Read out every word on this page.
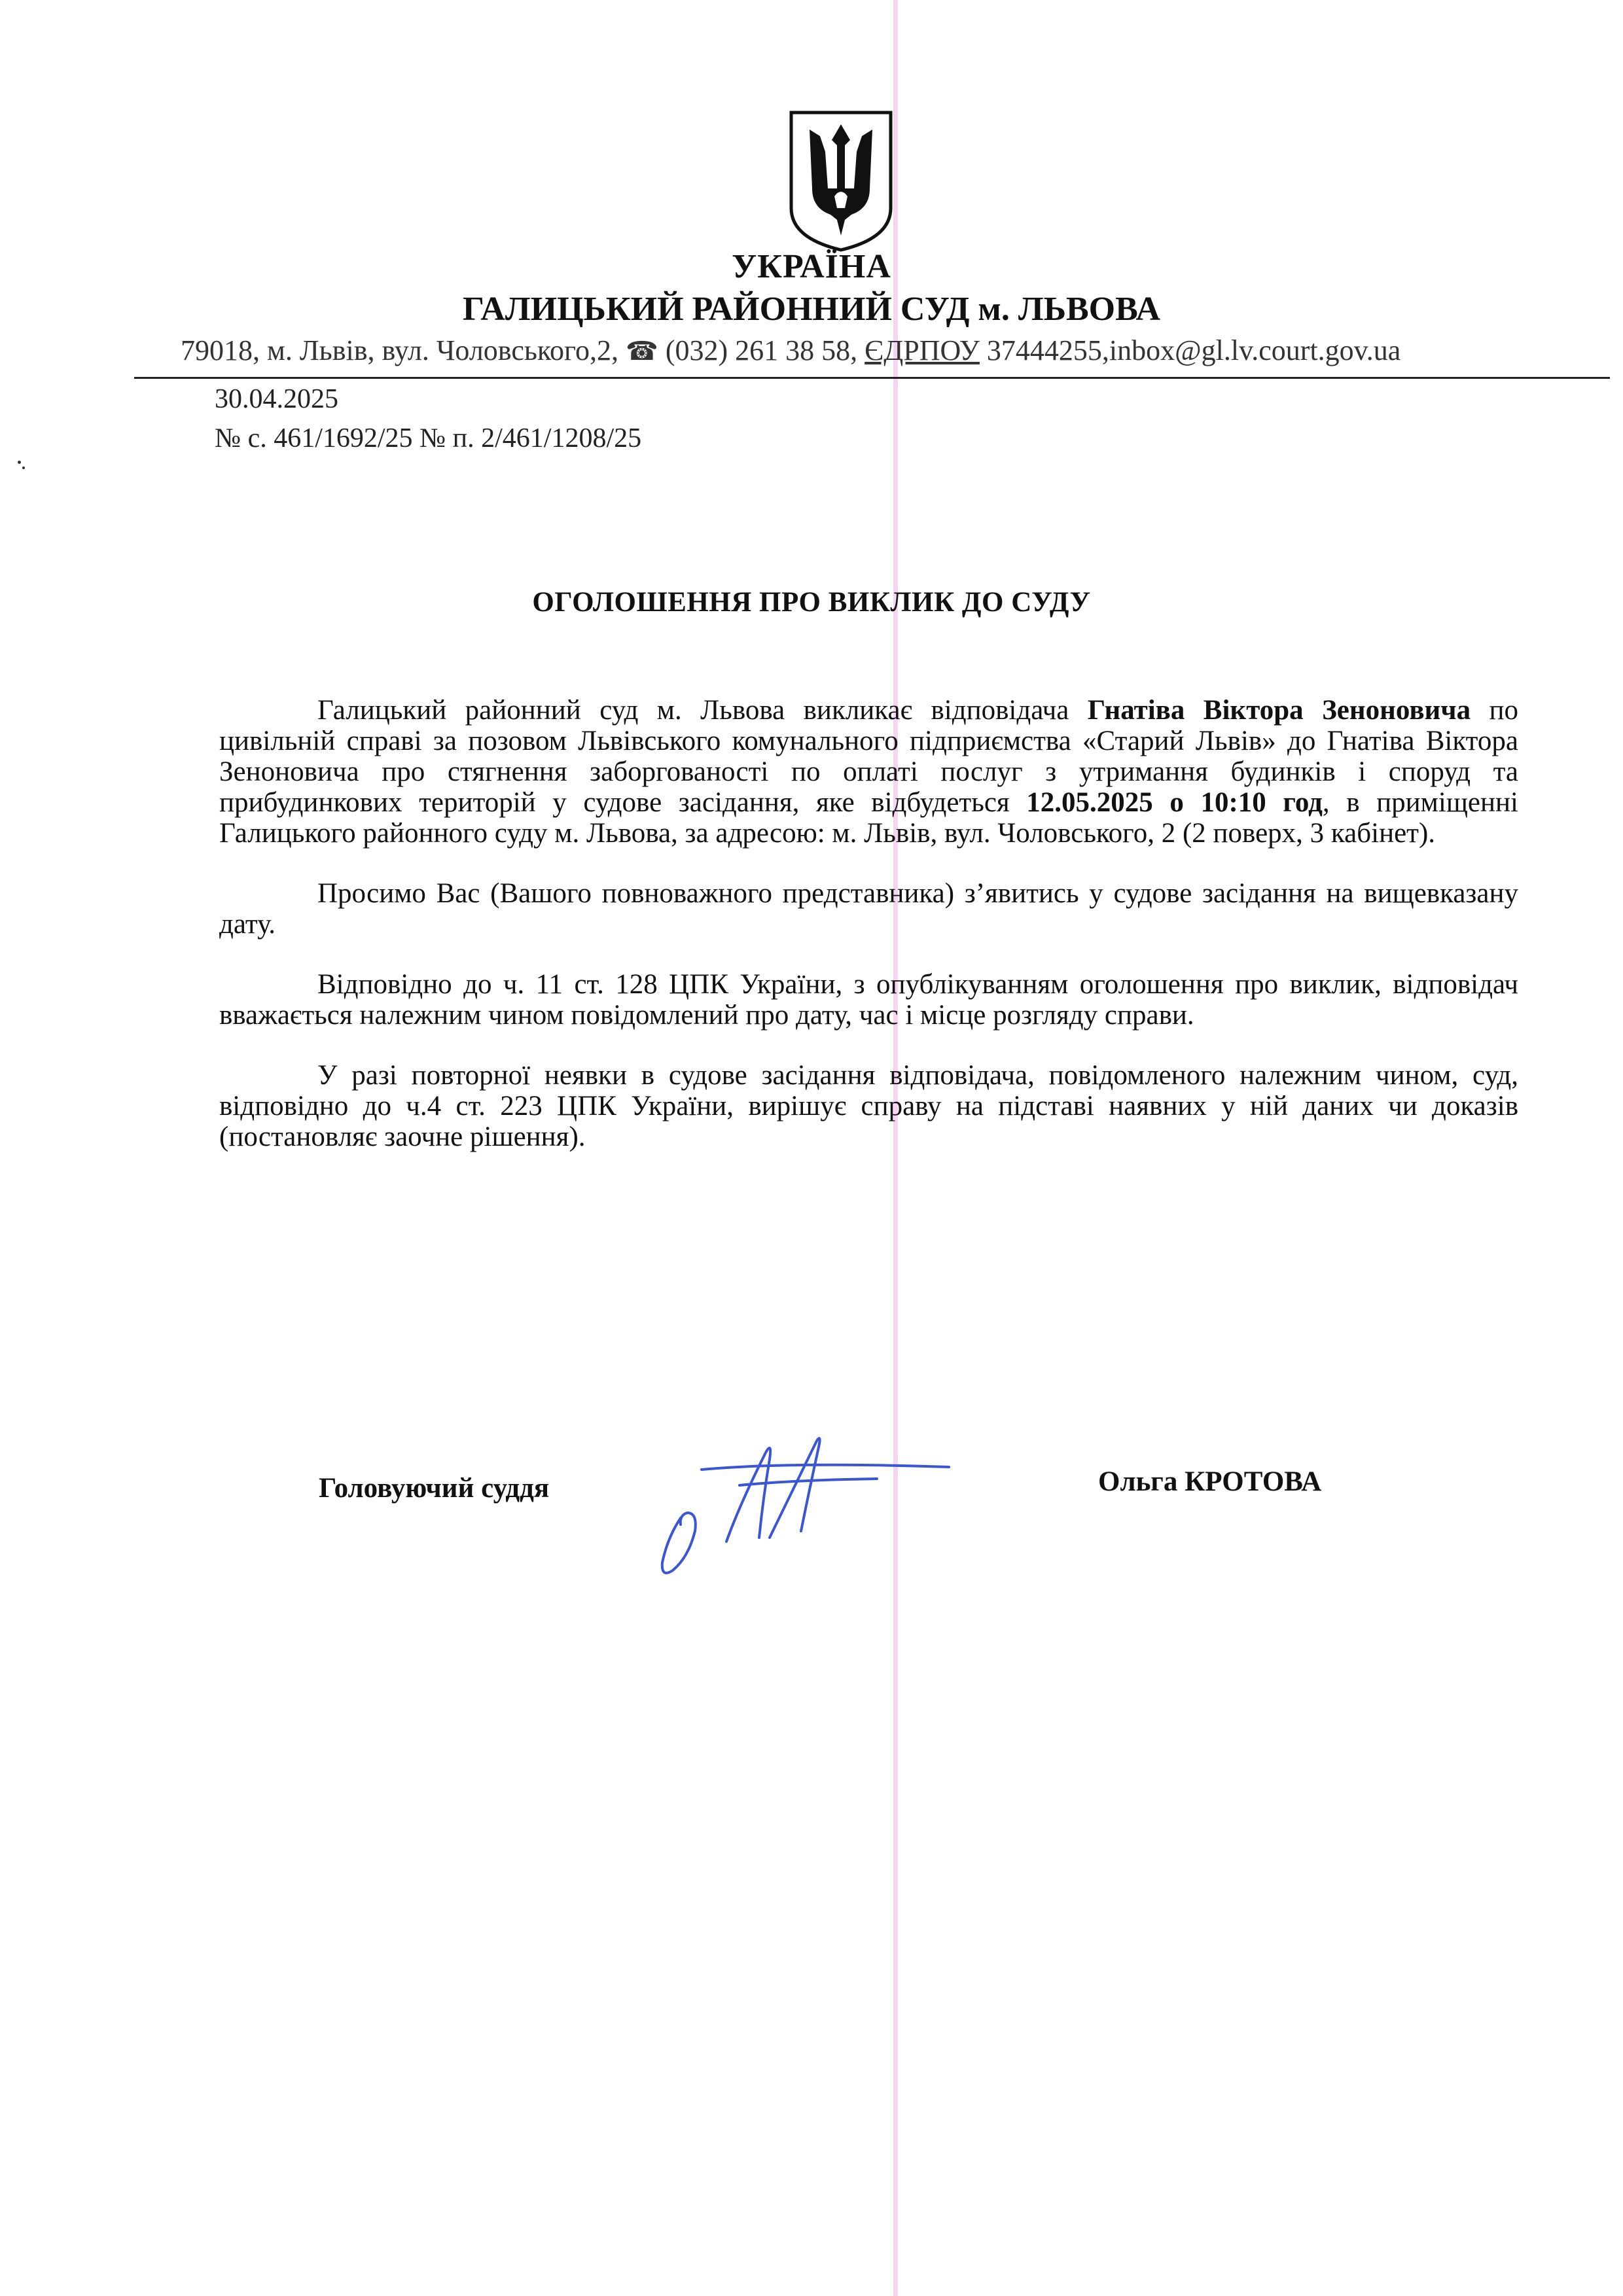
УКРАЇНА
ГАЛИЦЬКИЙ РАЙОННИЙ СУД м. ЛЬВОВА
79018, м. Львів, вул. Чоловського,2, ☎ (032) 261 38 58, ЄДРПОУ 37444255,inbox@gl.lv.court.gov.ua
30.04.2025
№ с. 461/1692/25 № п. 2/461/1208/25
ОГОЛОШЕННЯ ПРО ВИКЛИК ДО СУДУ

Галицький районний суд м. Львова викликає відповідача Гнатіва Віктора Зеноновича по цивільній справі за позовом Львівського комунального підприємства «Старий Львів» до Гнатіва Віктора Зеноновича про стягнення заборгованості по оплаті послуг з утримання будинків і споруд та прибудинкових територій у судове засідання, яке відбудеться 12.05.2025 о 10:10 год, в приміщенні Галицького районного суду м. Львова, за адресою: м. Львів, вул. Чоловського, 2 (2 поверх, 3 кабінет).

Просимо Вас (Вашого повноважного представника) з’явитись у судове засідання на вищевказану дату.

Відповідно до ч. 11 ст. 128 ЦПК України, з опублікуванням оголошення про виклик, відповідач вважається належним чином повідомлений про дату, час і місце розгляду справи.

У разі повторної неявки в судове засідання відповідача, повідомленого належним чином, суд, відповідно до ч.4 ст. 223 ЦПК України, вирішує справу на підставі наявних у ній даних чи доказів (постановляє заочне рішення).

Головуючий суддя	Ольга КРОТОВА
